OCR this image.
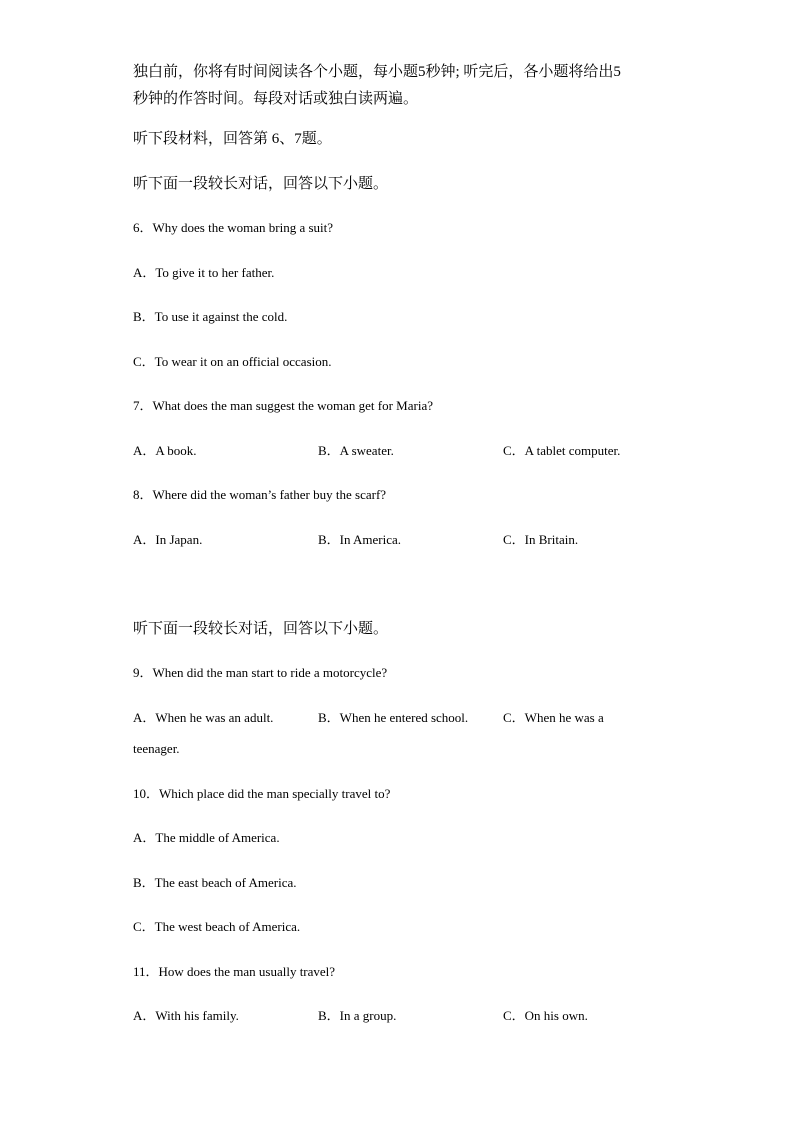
独白前，你将有时间阅读各个小题，每小题5秒钟; 听完后，各小题将给出5
秒钟的作答时间。每段对话或独白读两遍。
听下段材料，回答第 6、7题。
听下面一段较长对话，回答以下小题。
6．Why does the woman bring a suit?
A．To give it to her father.
B．To use it against the cold.
C．To wear it on an official occasion.
7．What does the man suggest the woman get for Maria?
A．A book.	B．A sweater.	C．A tablet computer.
8．Where did the woman’s father buy the scarf?
A．In Japan.	B．In America.	C．In Britain.
听下面一段较长对话，回答以下小题。
9．When did the man start to ride a motorcycle?
A．When he was an adult.	B．When he entered school.	C．When he was a
teenager.
10．Which place did the man specially travel to?
A．The middle of America.
B．The east beach of America.
C．The west beach of America.
11．How does the man usually travel?
A．With his family.	B．In a group.	C．On his own.
